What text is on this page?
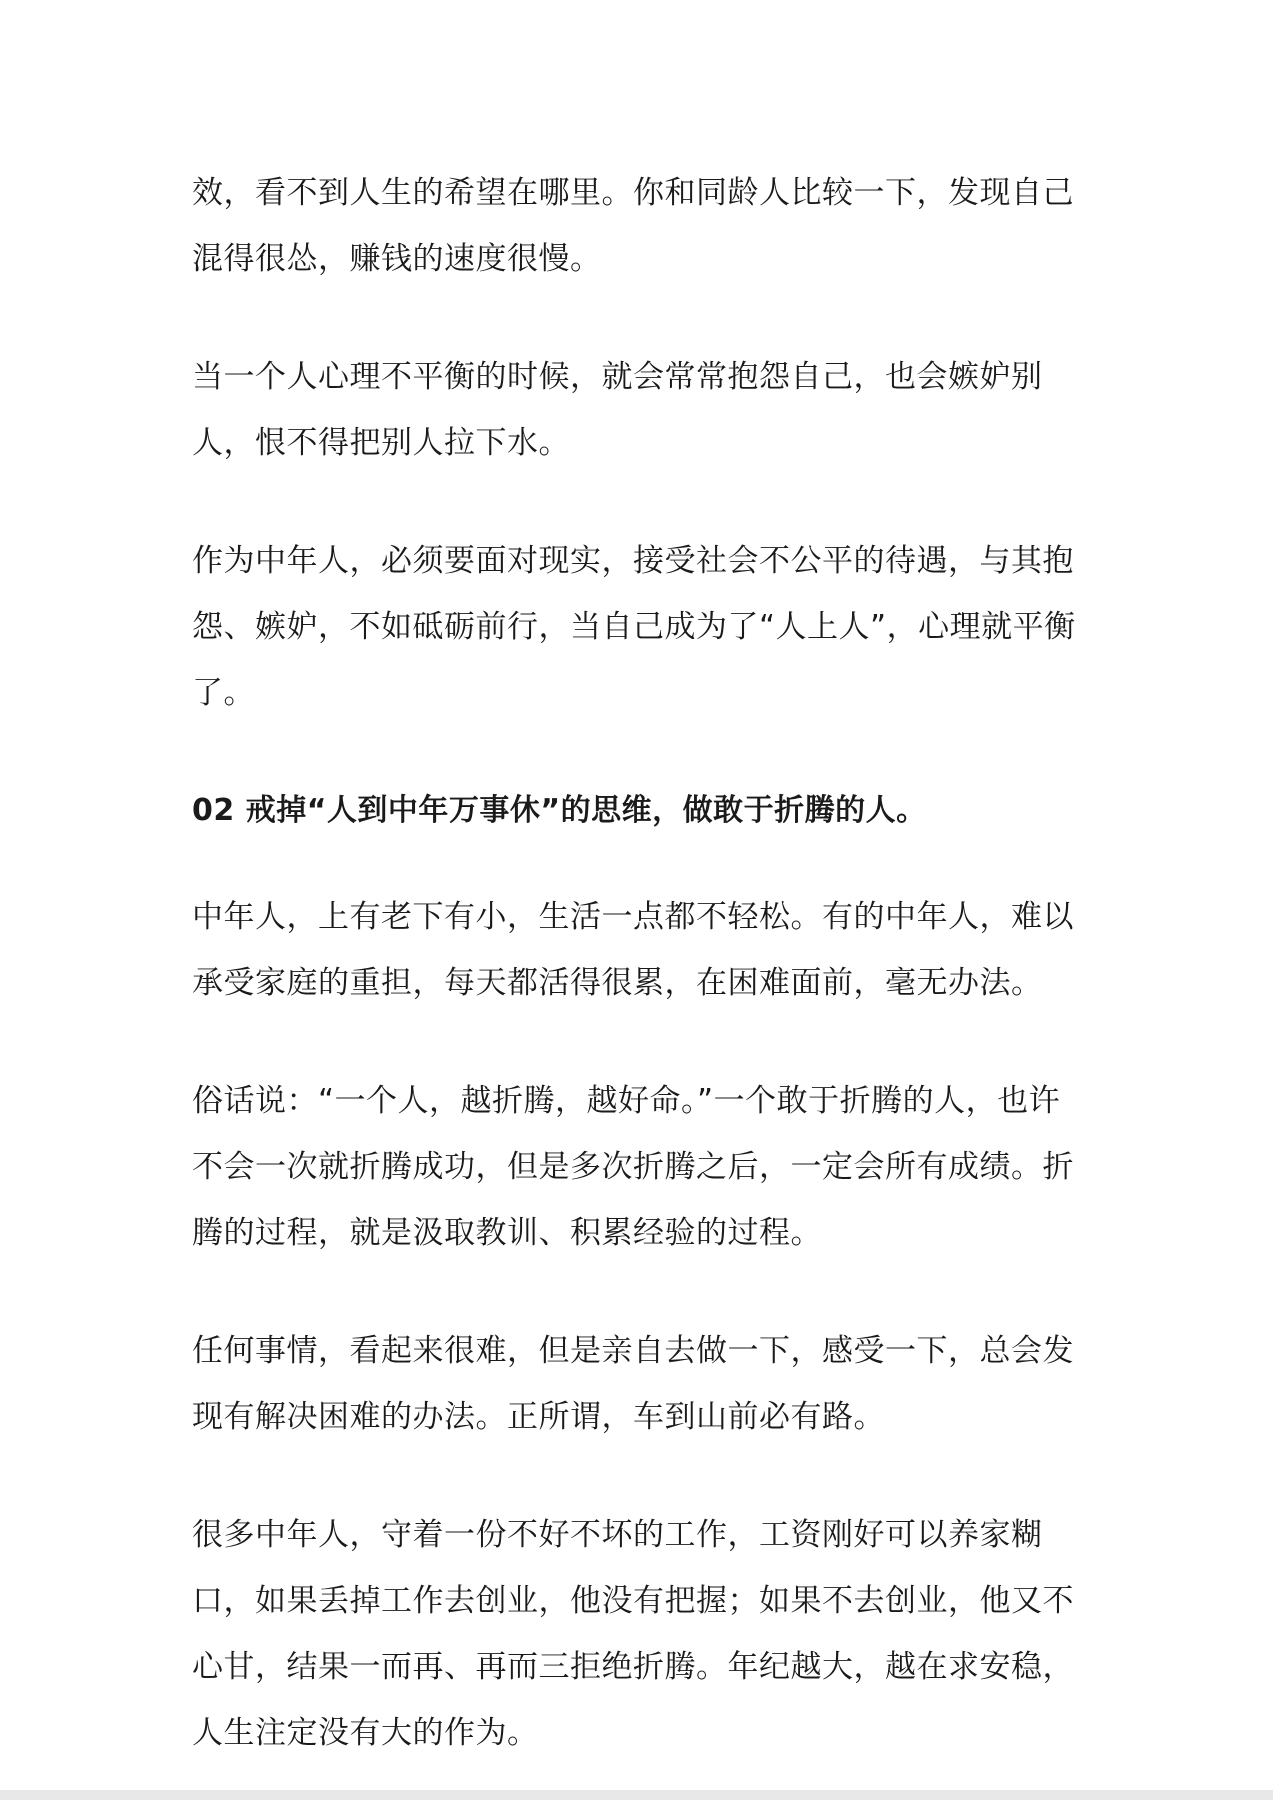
效，看不到人生的希望在哪里。你和同龄人比较一下，发现自己混得很怂，赚钱的速度很慢。

当一个人心理不平衡的时候，就会常常抱怨自己，也会嫉妒别人，恨不得把别人拉下水。

作为中年人，必须要面对现实，接受社会不公平的待遇，与其抱怨、嫉妒，不如砥砺前行，当自己成为了“人上人”，心理就平衡了。

02 戒掉“人到中年万事休”的思维，做敢于折腾的人。

中年人，上有老下有小，生活一点都不轻松。有的中年人，难以承受家庭的重担，每天都活得很累，在困难面前，毫无办法。

俗话说：“一个人，越折腾，越好命。”一个敢于折腾的人，也许不会一次就折腾成功，但是多次折腾之后，一定会所有成绩。折腾的过程，就是汲取教训、积累经验的过程。

任何事情，看起来很难，但是亲自去做一下，感受一下，总会发现有解决困难的办法。正所谓，车到山前必有路。

很多中年人，守着一份不好不坏的工作，工资刚好可以养家糊口，如果丢掉工作去创业，他没有把握；如果不去创业，他又不心甘，结果一而再、再而三拒绝折腾。年纪越大，越在求安稳，人生注定没有大的作为。
